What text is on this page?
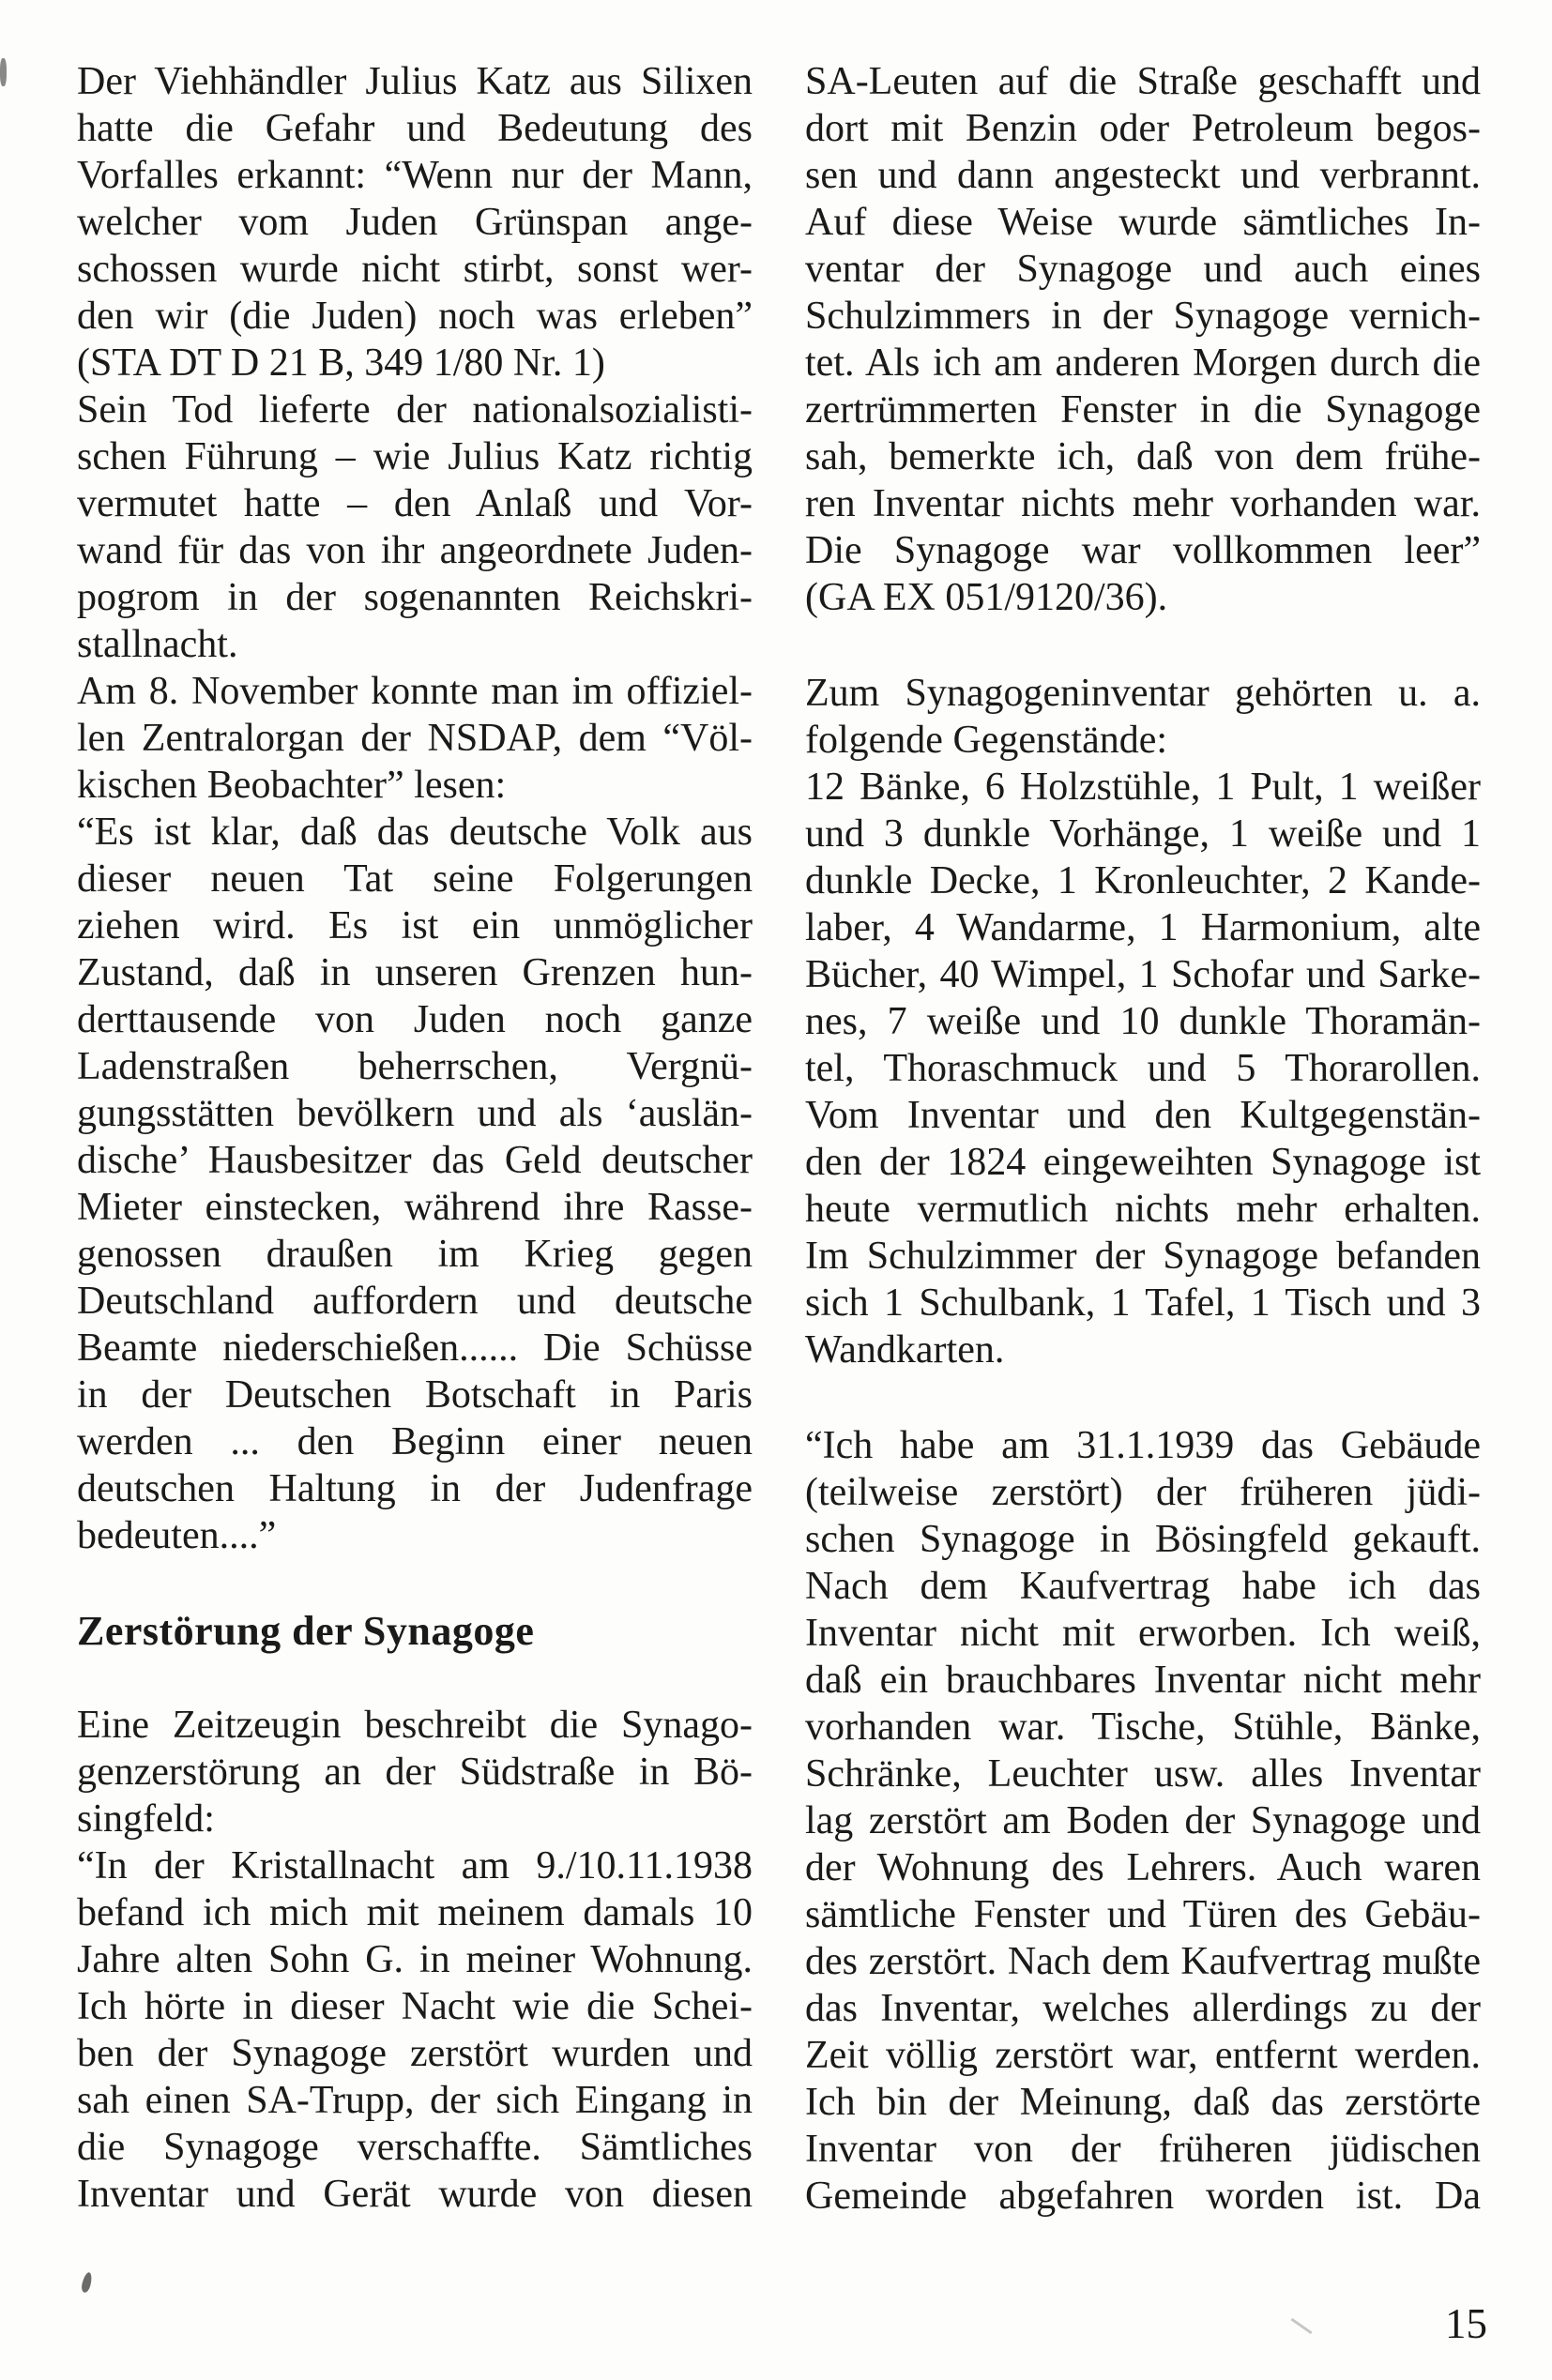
Der Viehhändler Julius Katz aus Silixen
hatte die Gefahr und Bedeutung des
Vorfalles erkannt: “Wenn nur der Mann,
welcher vom Juden Grünspan ange-
schossen wurde nicht stirbt, sonst wer-
den wir (die Juden) noch was erleben”
(STA DT D 21 B, 349 1/80 Nr. 1)
Sein Tod lieferte der nationalsozialisti-
schen Führung – wie Julius Katz richtig
vermutet hatte – den Anlaß und Vor-
wand für das von ihr angeordnete Juden-
pogrom in der sogenannten Reichskri-
stallnacht.
Am 8. November konnte man im offiziel-
len Zentralorgan der NSDAP, dem “Völ-
kischen Beobachter” lesen:
“Es ist klar, daß das deutsche Volk aus
dieser neuen Tat seine Folgerungen
ziehen wird. Es ist ein unmöglicher
Zustand, daß in unseren Grenzen hun-
derttausende von Juden noch ganze
Ladenstraßen beherrschen, Vergnü-
gungsstätten bevölkern und als ‘auslän-
dische’ Hausbesitzer das Geld deutscher
Mieter einstecken, während ihre Rasse-
genossen draußen im Krieg gegen
Deutschland auffordern und deutsche
Beamte niederschießen...... Die Schüsse
in der Deutschen Botschaft in Paris
werden ... den Beginn einer neuen
deutschen Haltung in der Judenfrage
bedeuten....”
Zerstörung der Synagoge
Eine Zeitzeugin beschreibt die Synago-
genzerstörung an der Südstraße in Bö-
singfeld:
“In der Kristallnacht am 9./10.11.1938
befand ich mich mit meinem damals 10
Jahre alten Sohn G. in meiner Wohnung.
Ich hörte in dieser Nacht wie die Schei-
ben der Synagoge zerstört wurden und
sah einen SA-Trupp, der sich Eingang in
die Synagoge verschaffte. Sämtliches
Inventar und Gerät wurde von diesen
SA-Leuten auf die Straße geschafft und
dort mit Benzin oder Petroleum begos-
sen und dann angesteckt und verbrannt.
Auf diese Weise wurde sämtliches In-
ventar der Synagoge und auch eines
Schulzimmers in der Synagoge vernich-
tet. Als ich am anderen Morgen durch die
zertrümmerten Fenster in die Synagoge
sah, bemerkte ich, daß von dem frühe-
ren Inventar nichts mehr vorhanden war.
Die Synagoge war vollkommen leer”
(GA EX 051/9120/36).
Zum Synagogeninventar gehörten u. a.
folgende Gegenstände:
12 Bänke, 6 Holzstühle, 1 Pult, 1 weißer
und 3 dunkle Vorhänge, 1 weiße und 1
dunkle Decke, 1 Kronleuchter, 2 Kande-
laber, 4 Wandarme, 1 Harmonium, alte
Bücher, 40 Wimpel, 1 Schofar und Sarke-
nes, 7 weiße und 10 dunkle Thoramän-
tel, Thoraschmuck und 5 Thorarollen.
Vom Inventar und den Kultgegenstän-
den der 1824 eingeweihten Synagoge ist
heute vermutlich nichts mehr erhalten.
Im Schulzimmer der Synagoge befanden
sich 1 Schulbank, 1 Tafel, 1 Tisch und 3
Wandkarten.
“Ich habe am 31.1.1939 das Gebäude
(teilweise zerstört) der früheren jüdi-
schen Synagoge in Bösingfeld gekauft.
Nach dem Kaufvertrag habe ich das
Inventar nicht mit erworben. Ich weiß,
daß ein brauchbares Inventar nicht mehr
vorhanden war. Tische, Stühle, Bänke,
Schränke, Leuchter usw. alles Inventar
lag zerstört am Boden der Synagoge und
der Wohnung des Lehrers. Auch waren
sämtliche Fenster und Türen des Gebäu-
des zerstört. Nach dem Kaufvertrag mußte
das Inventar, welches allerdings zu der
Zeit völlig zerstört war, entfernt werden.
Ich bin der Meinung, daß das zerstörte
Inventar von der früheren jüdischen
Gemeinde abgefahren worden ist. Da
15
